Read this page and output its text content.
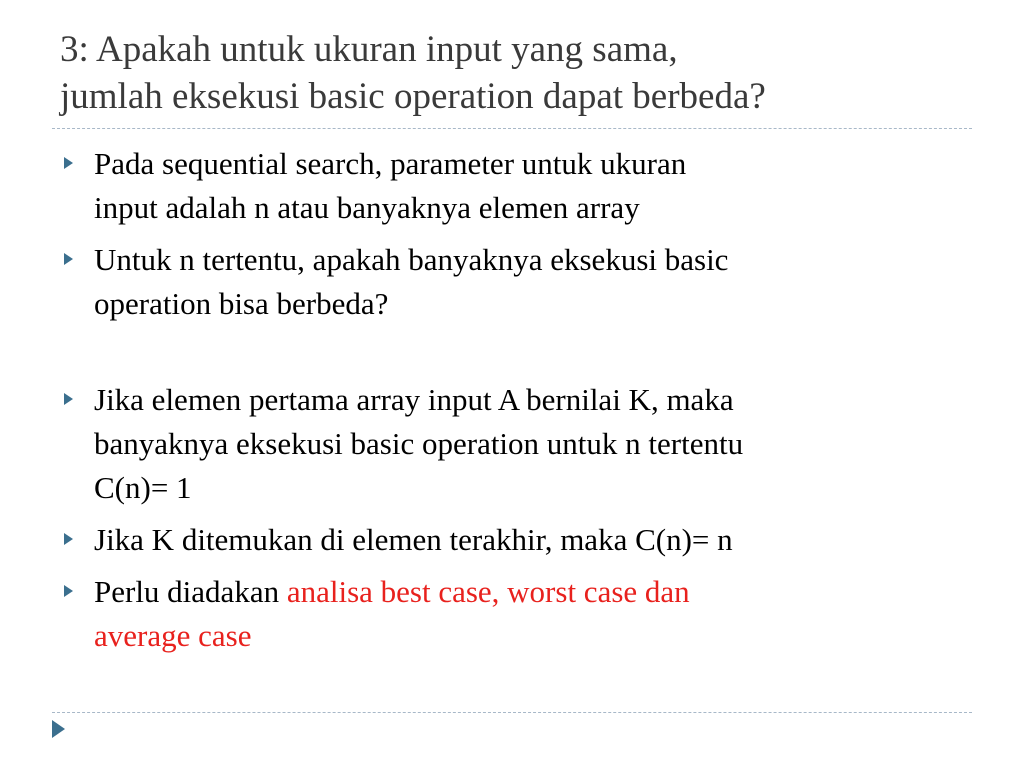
3: Apakah untuk ukuran input yang sama,
jumlah eksekusi basic operation dapat berbeda?
Pada sequential search, parameter untuk ukuran
input adalah n atau banyaknya elemen array
Untuk n tertentu, apakah banyaknya eksekusi basic
operation bisa berbeda?
Jika elemen pertama array input A bernilai K, maka
banyaknya eksekusi basic operation untuk n tertentu
C(n)= 1
Jika K ditemukan di elemen terakhir, maka C(n)= n
Perlu diadakan analisa best case, worst case dan
average case
